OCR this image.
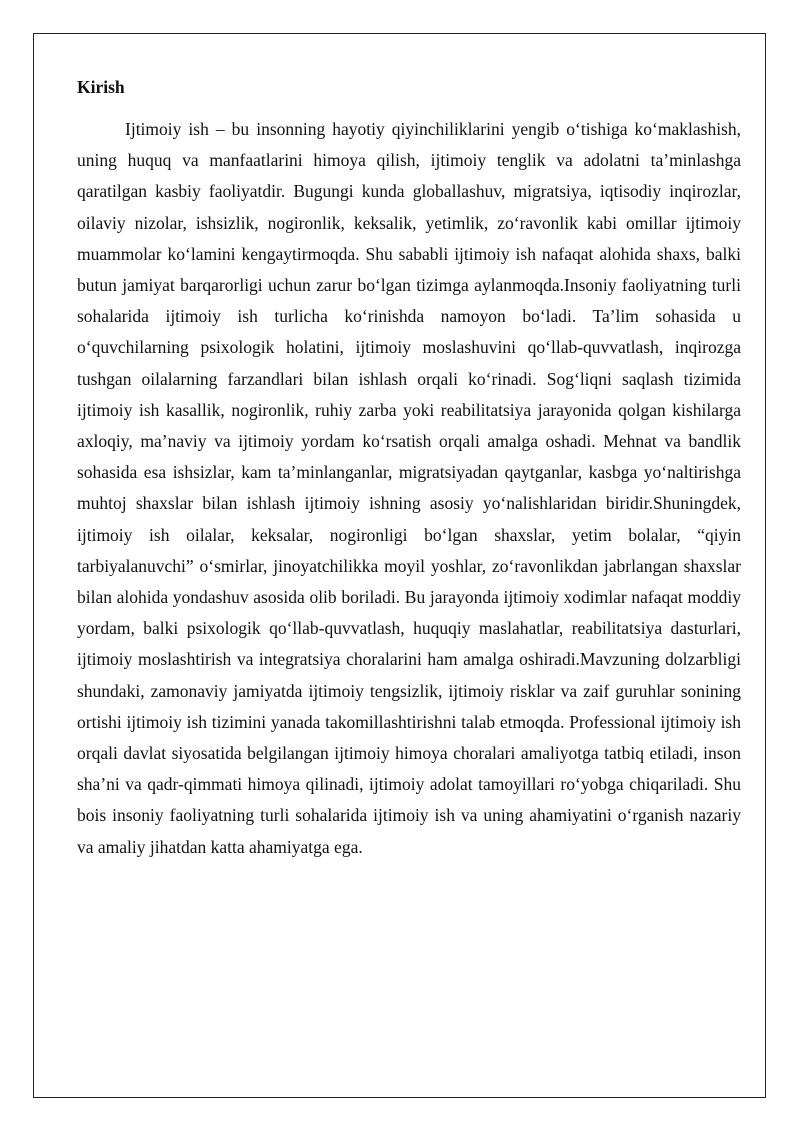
Kirish

Ijtimoiy ish – bu insonning hayotiy qiyinchiliklarini yengib o‘tishiga ko‘maklashish, uning huquq va manfaatlarini himoya qilish, ijtimoiy tenglik va adolatni ta’minlashga qaratilgan kasbiy faoliyatdir. Bugungi kunda globallashuv, migratsiya, iqtisodiy inqirozlar, oilaviy nizolar, ishsizlik, nogironlik, keksalik, yetimlik, zo‘ravonlik kabi omillar ijtimoiy muammolar ko‘lamini kengaytirmoqda. Shu sababli ijtimoiy ish nafaqat alohida shaxs, balki butun jamiyat barqarorligi uchun zarur bo‘lgan tizimga aylanmoqda.Insoniy faoliyatning turli sohalarida ijtimoiy ish turlicha ko‘rinishda namoyon bo‘ladi. Ta’lim sohasida u o‘quvchilarning psixologik holatini, ijtimoiy moslashuvini qo‘llab-quvvatlash, inqirozga tushgan oilalarning farzandlari bilan ishlash orqali ko‘rinadi. Sog‘liqni saqlash tizimida ijtimoiy ish kasallik, nogironlik, ruhiy zarba yoki reabilitatsiya jarayonida qolgan kishilarga axloqiy, ma’naviy va ijtimoiy yordam ko‘rsatish orqali amalga oshadi. Mehnat va bandlik sohasida esa ishsizlar, kam ta’minlanganlar, migratsiyadan qaytganlar, kasbga yo‘naltirishga muhtoj shaxslar bilan ishlash ijtimoiy ishning asosiy yo‘nalishlaridan biridir.Shuningdek, ijtimoiy ish oilalar, keksalar, nogironligi bo‘lgan shaxslar, yetim bolalar, “qiyin tarbiyalanuvchi” o‘smirlar, jinoyatchilikka moyil yoshlar, zo‘ravonlikdan jabrlangan shaxslar bilan alohida yondashuv asosida olib boriladi. Bu jarayonda ijtimoiy xodimlar nafaqat moddiy yordam, balki psixologik qo‘llab-quvvatlash, huquqiy maslahatlar, reabilitatsiya dasturlari, ijtimoiy moslashtirish va integratsiya choralarini ham amalga oshiradi.Mavzuning dolzarbligi shundaki, zamonaviy jamiyatda ijtimoiy tengsizlik, ijtimoiy risklar va zaif guruhlar sonining ortishi ijtimoiy ish tizimini yanada takomillashtirishni talab etmoqda. Professional ijtimoiy ish orqali davlat siyosatida belgilangan ijtimoiy himoya choralari amaliyotga tatbiq etiladi, inson sha’ni va qadr-qimmati himoya qilinadi, ijtimoiy adolat tamoyillari ro‘yobga chiqariladi. Shu bois insoniy faoliyatning turli sohalarida ijtimoiy ish va uning ahamiyatini o‘rganish nazariy va amaliy jihatdan katta ahamiyatga ega.
